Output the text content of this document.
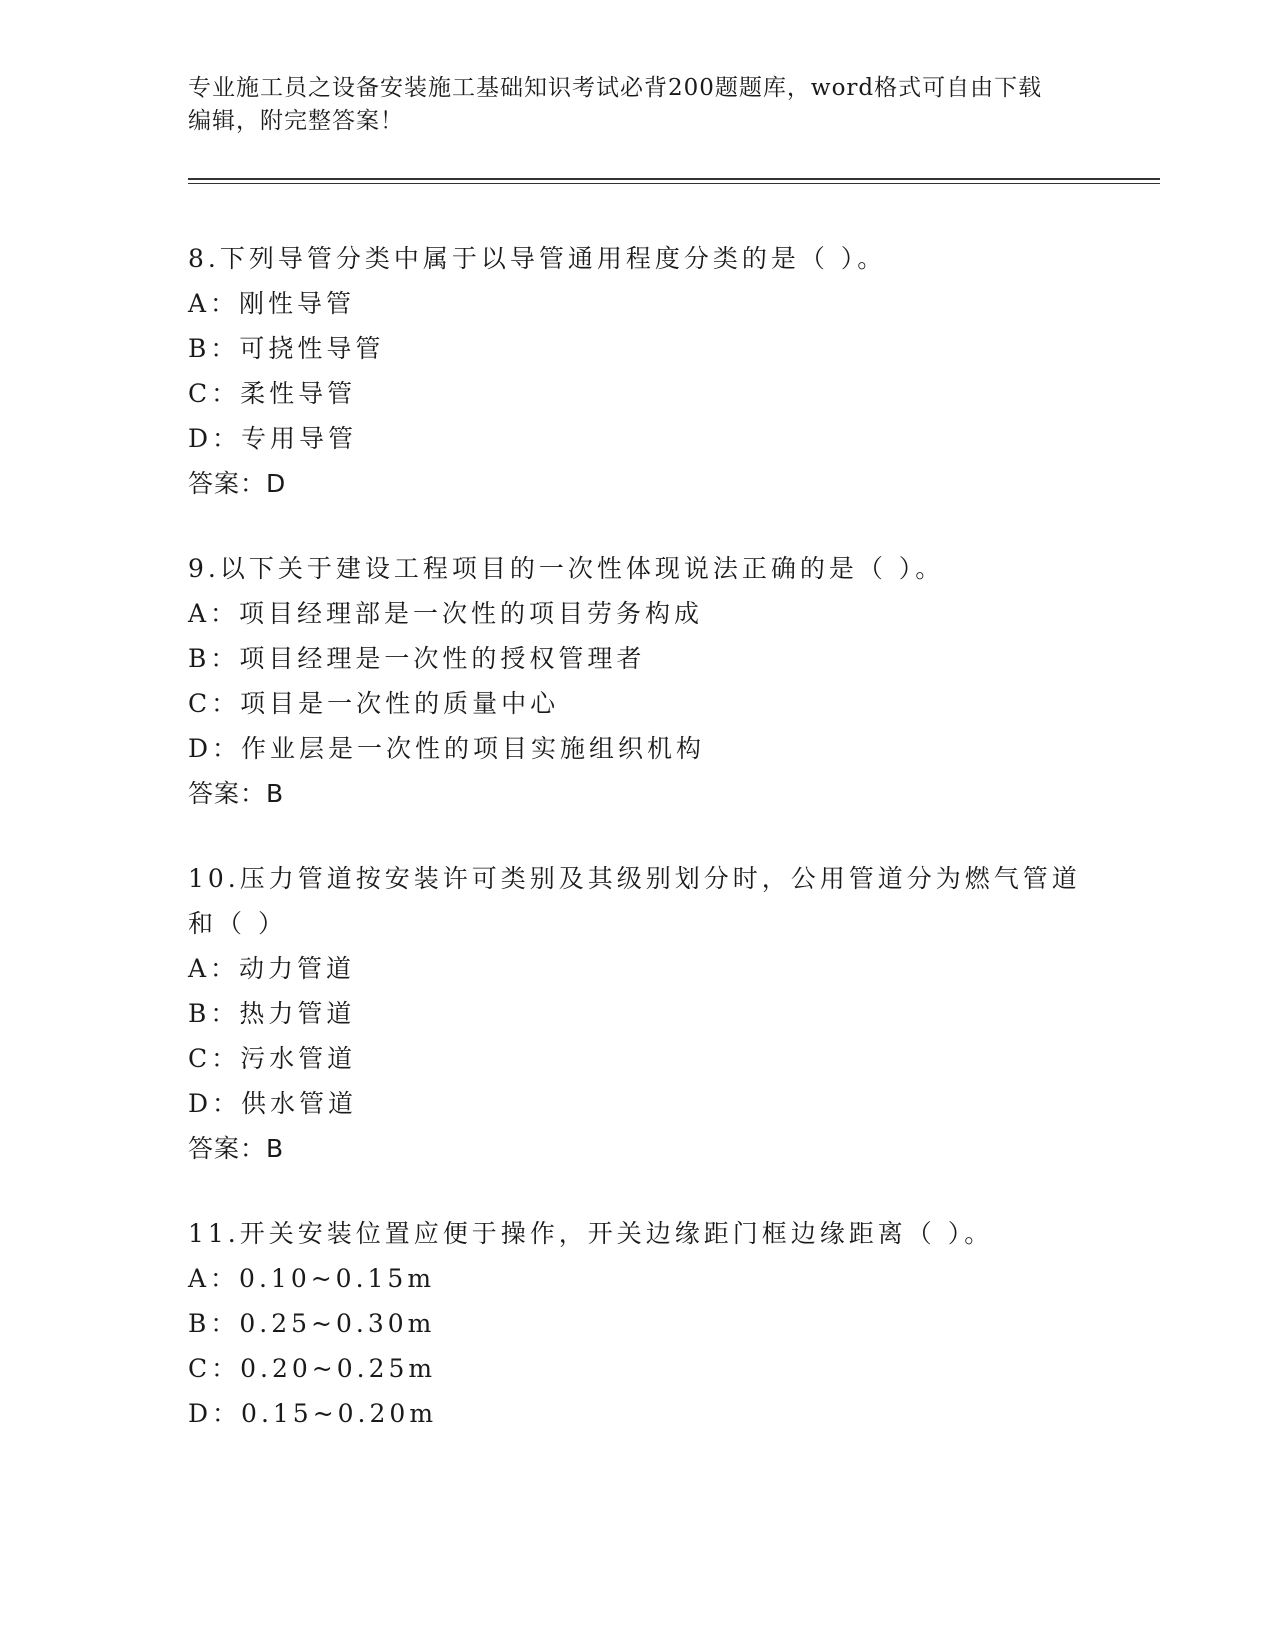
专业施工员之设备安装施工基础知识考试必背200题题库，word格式可自由下载
编辑，附完整答案！

8.下列导管分类中属于以导管通用程度分类的是（ ）。

A：刚性导管

B：可挠性导管

C：柔性导管

D：专用导管

答案：D

9.以下关于建设工程项目的一次性体现说法正确的是（ ）。

A：项目经理部是一次性的项目劳务构成

B：项目经理是一次性的授权管理者

C：项目是一次性的质量中心

D：作业层是一次性的项目实施组织机构

答案：B

10.压力管道按安装许可类别及其级别划分时，公用管道分为燃气管道

和（ ）

A：动力管道

B：热力管道

C：污水管道

D：供水管道

答案：B

11.开关安装位置应便于操作，开关边缘距门框边缘距离（ ）。

A：0.10~0.15m

B：0.25~0.30m

C：0.20~0.25m

D：0.15~0.20m
